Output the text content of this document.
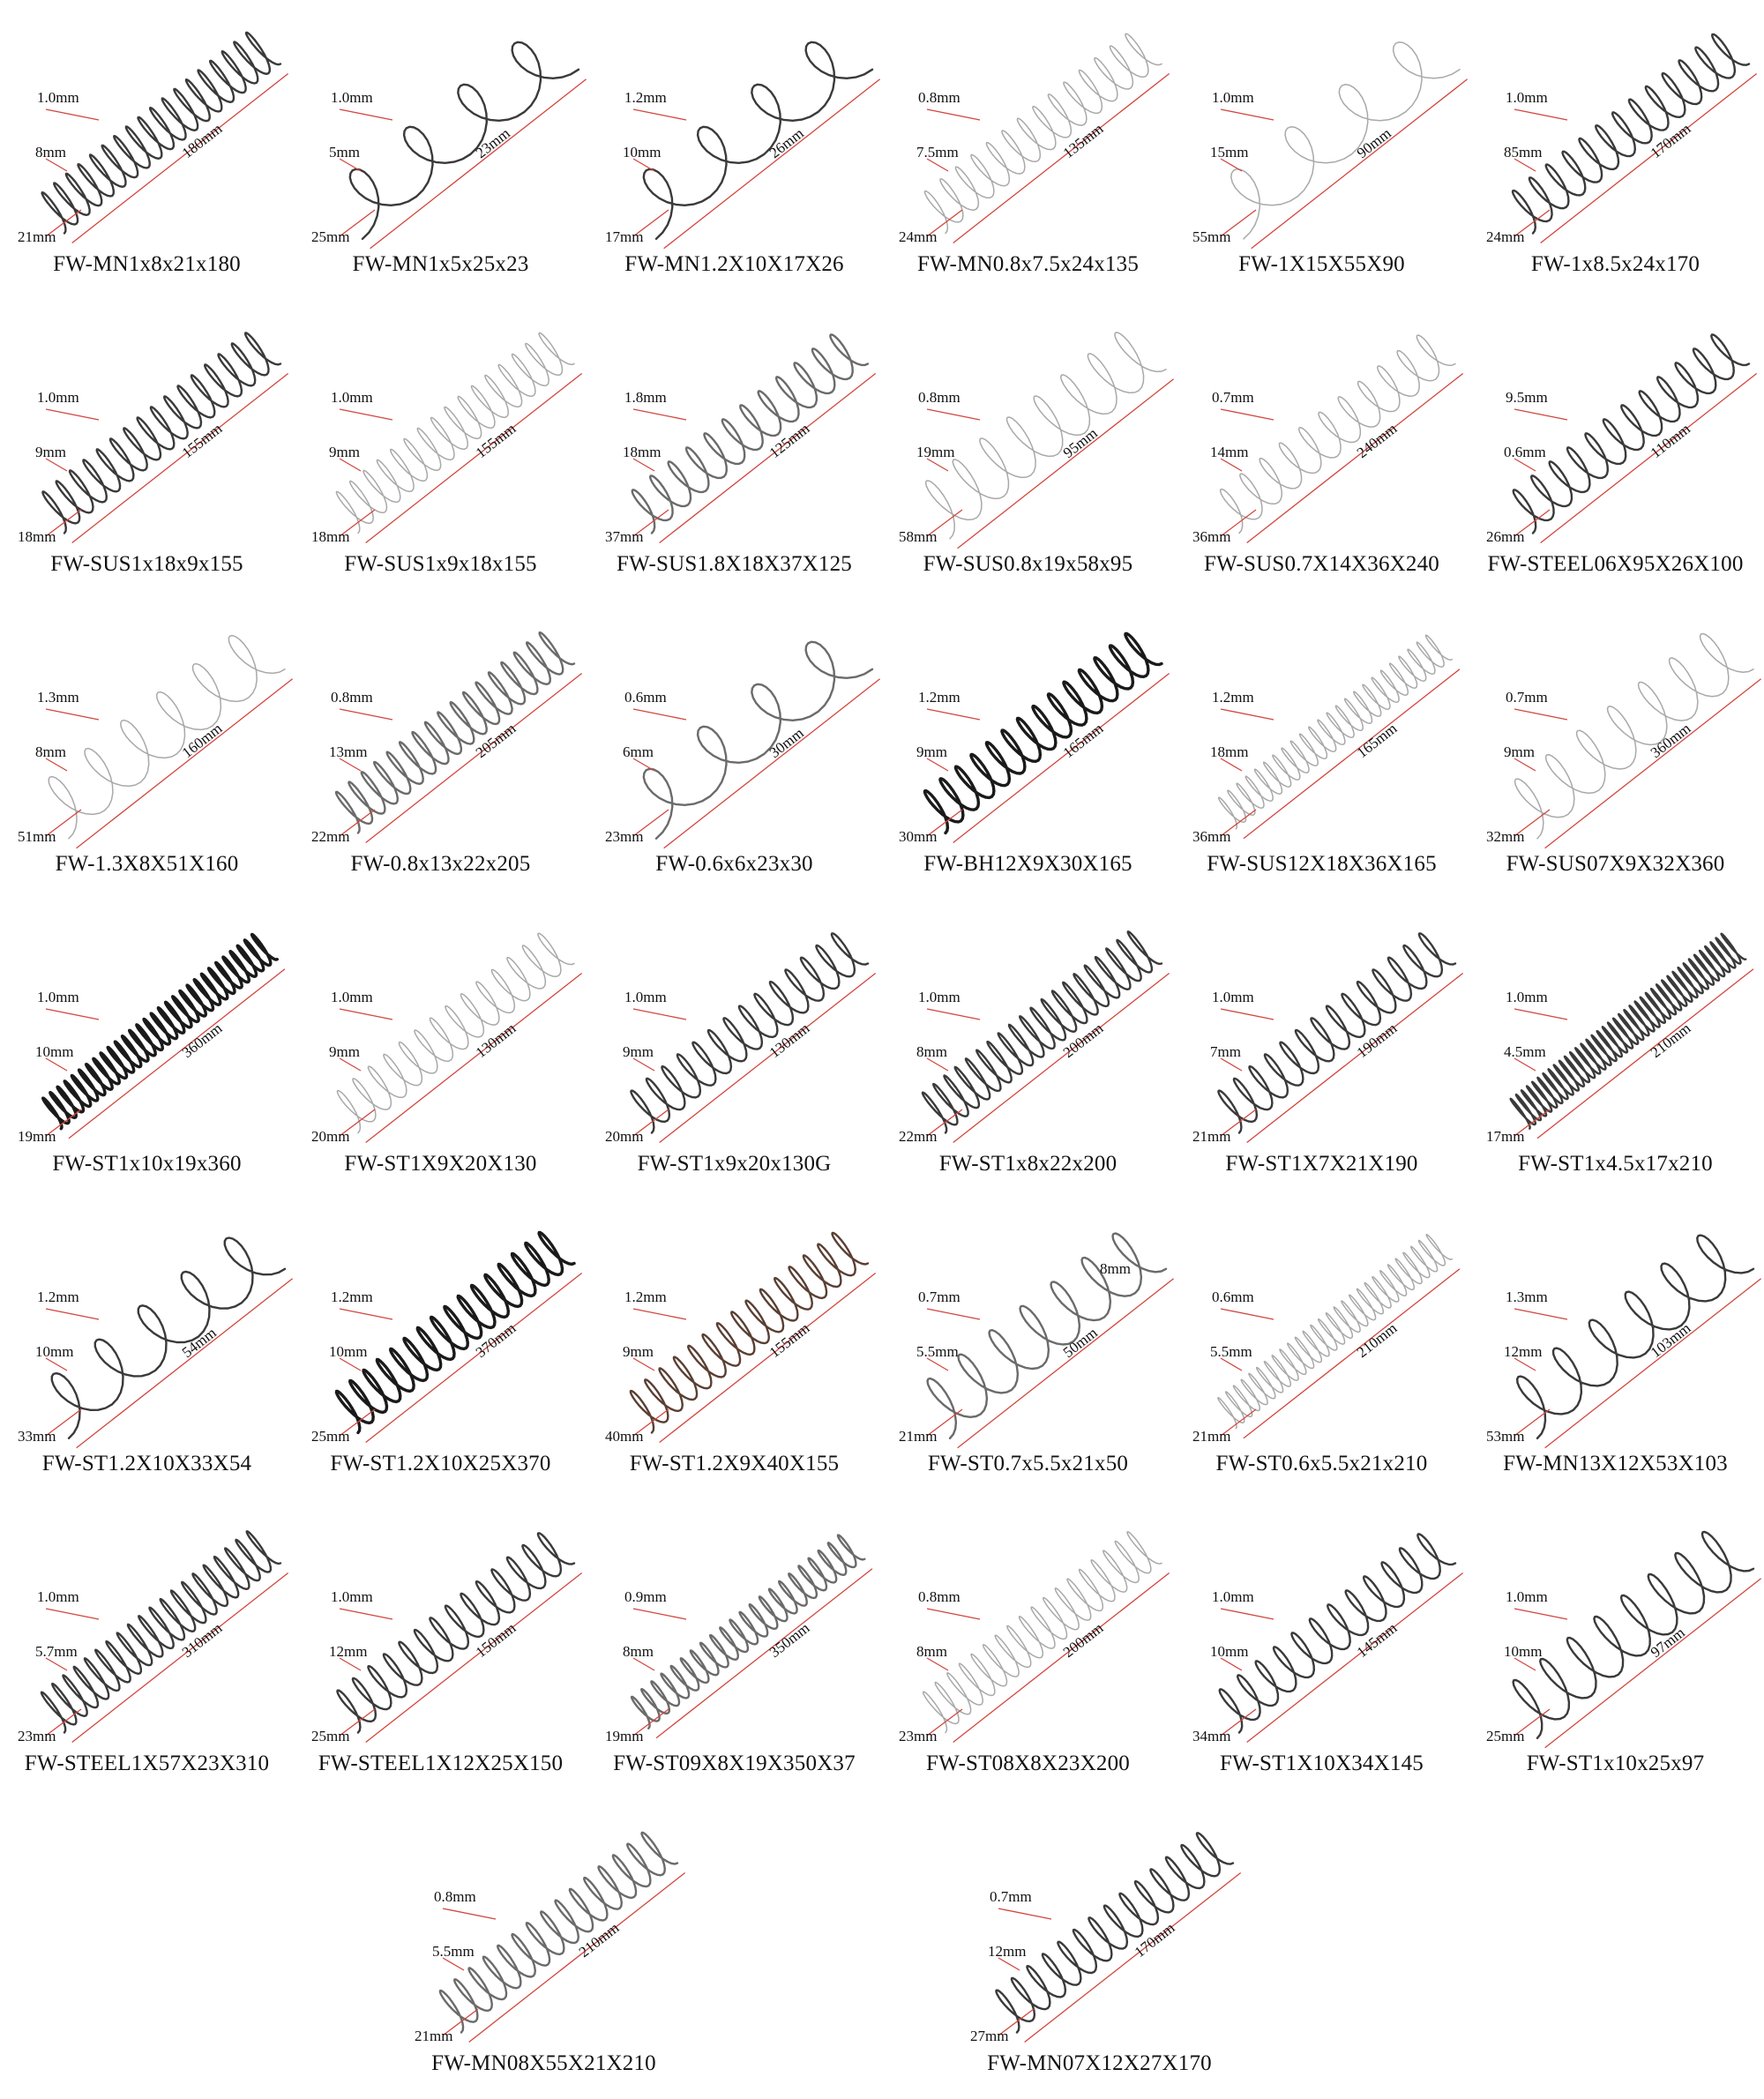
1.0mm
8mm
21mm
180mm
FW-MN1x8x21x180
1.0mm
5mm
25mm
23mm
FW-MN1x5x25x23
1.2mm
10mm
17mm
26mm
FW-MN1.2X10X17X26
0.8mm
7.5mm
24mm
135mm
FW-MN0.8x7.5x24x135
1.0mm
15mm
55mm
90mm
FW-1X15X55X90
1.0mm
85mm
24mm
170mm
FW-1x8.5x24x170
1.0mm
9mm
18mm
155mm
FW-SUS1x18x9x155
1.0mm
9mm
18mm
155mm
FW-SUS1x9x18x155
1.8mm
18mm
37mm
125mm
FW-SUS1.8X18X37X125
0.8mm
19mm
58mm
95mm
FW-SUS0.8x19x58x95
0.7mm
14mm
36mm
240mm
FW-SUS0.7X14X36X240
9.5mm
0.6mm
26mm
110mm
FW-STEEL06X95X26X100
1.3mm
8mm
51mm
160mm
FW-1.3X8X51X160
0.8mm
13mm
22mm
205mm
FW-0.8x13x22x205
0.6mm
6mm
23mm
30mm
FW-0.6x6x23x30
1.2mm
9mm
30mm
165mm
FW-BH12X9X30X165
1.2mm
18mm
36mm
165mm
FW-SUS12X18X36X165
0.7mm
9mm
32mm
360mm
FW-SUS07X9X32X360
1.0mm
10mm
19mm
360mm
FW-ST1x10x19x360
1.0mm
9mm
20mm
130mm
FW-ST1X9X20X130
1.0mm
9mm
20mm
130mm
FW-ST1x9x20x130G
1.0mm
8mm
22mm
200mm
FW-ST1x8x22x200
1.0mm
7mm
21mm
190mm
FW-ST1X7X21X190
1.0mm
4.5mm
17mm
210mm
FW-ST1x4.5x17x210
1.2mm
10mm
33mm
54mm
FW-ST1.2X10X33X54
1.2mm
10mm
25mm
370mm
FW-ST1.2X10X25X370
1.2mm
9mm
40mm
155mm
FW-ST1.2X9X40X155
0.7mm
5.5mm
21mm
50mm
8mm
FW-ST0.7x5.5x21x50
0.6mm
5.5mm
21mm
210mm
FW-ST0.6x5.5x21x210
1.3mm
12mm
53mm
103mm
FW-MN13X12X53X103
1.0mm
5.7mm
23mm
310mm
FW-STEEL1X57X23X310
1.0mm
12mm
25mm
150mm
FW-STEEL1X12X25X150
0.9mm
8mm
19mm
350mm
FW-ST09X8X19X350X37
0.8mm
8mm
23mm
200mm
FW-ST08X8X23X200
1.0mm
10mm
34mm
145mm
FW-ST1X10X34X145
1.0mm
10mm
25mm
97mm
FW-ST1x10x25x97
0.8mm
5.5mm
21mm
210mm
FW-MN08X55X21X210
0.7mm
12mm
27mm
170mm
FW-MN07X12X27X170
